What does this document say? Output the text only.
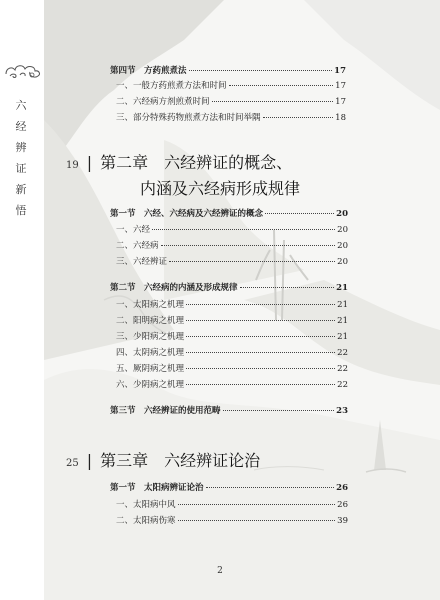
六
经
辨
证
新
悟
第四节　方药煎煮法	17
一、一般方药煎煮方法和时间	17
二、六经病方剂煎煮时间	17
三、部分特殊药物煎煮方法和时间举隅	18
19 | 第二章　六经辨证的概念、
内涵及六经病形成规律
第一节　六经、六经病及六经辨证的概念	20
一、六经	20
二、六经病	20
三、六经辨证	20
第二节　六经病的内涵及形成规律	21
一、太阳病之机理	21
二、阳明病之机理	21
三、少阳病之机理	21
四、太阴病之机理	22
五、厥阴病之机理	22
六、少阴病之机理	22
第三节　六经辨证的使用范畴	23
25 | 第三章　六经辨证论治
第一节　太阳病辨证论治	26
一、太阳病中风	26
二、太阳病伤寒	39
2
